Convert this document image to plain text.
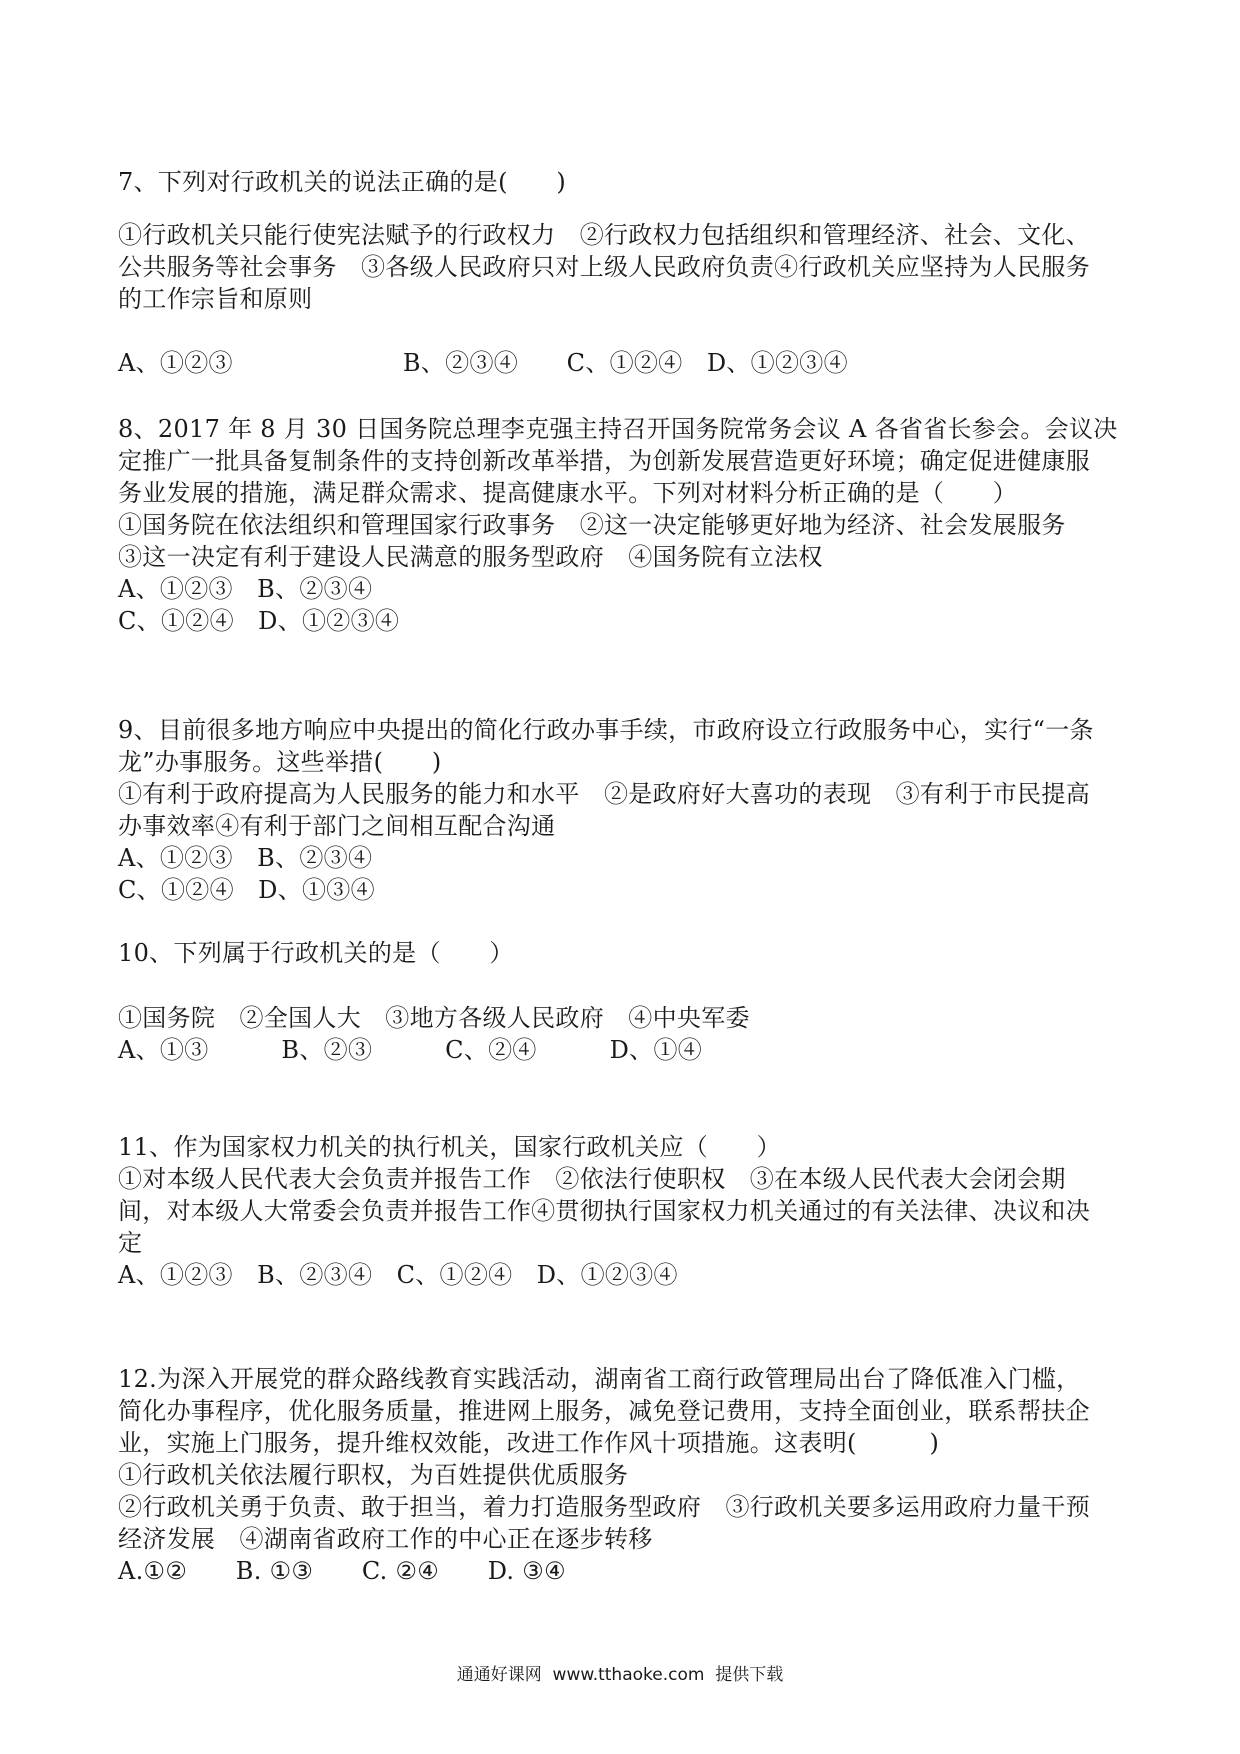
7、下列对行政机关的说法正确的是(　　)
①行政机关只能行使宪法赋予的行政权力　②行政权力包括组织和管理经济、社会、文化、
公共服务等社会事务　③各级人民政府只对上级人民政府负责④行政机关应坚持为人民服务
的工作宗旨和原则
A、①②③　　　　　　　B、②③④　　C、①②④　D、①②③④
8、2017 年 8 月 30 日国务院总理李克强主持召开国务院常务会议 A 各省省长参会。会议决
定推广一批具备复制条件的支持创新改革举措，为创新发展营造更好环境；确定促进健康服
务业发展的措施，满足群众需求、提高健康水平。下列对材料分析正确的是（　　）
①国务院在依法组织和管理国家行政事务　②这一决定能够更好地为经济、社会发展服务
③这一决定有利于建设人民满意的服务型政府　④国务院有立法权
A、①②③　B、②③④
C、①②④　D、①②③④
9、目前很多地方响应中央提出的简化行政办事手续，市政府设立行政服务中心，实行“一条
龙”办事服务。这些举措(　　)
①有利于政府提高为人民服务的能力和水平　②是政府好大喜功的表现　③有利于市民提高
办事效率④有利于部门之间相互配合沟通
A、①②③　B、②③④
C、①②④　D、①③④
10、下列属于行政机关的是（　　）
①国务院　②全国人大　③地方各级人民政府　④中央军委
A、①③　　　B、②③　　　C、②④　　　D、①④
11、作为国家权力机关的执行机关，国家行政机关应（　　）
①对本级人民代表大会负责并报告工作　②依法行使职权　③在本级人民代表大会闭会期
间，对本级人大常委会负责并报告工作④贯彻执行国家权力机关通过的有关法律、决议和决
定
A、①②③　B、②③④　C、①②④　D、①②③④
12.为深入开展党的群众路线教育实践活动，湖南省工商行政管理局出台了降低准入门槛，
简化办事程序，优化服务质量，推进网上服务，减免登记费用，支持全面创业，联系帮扶企
业，实施上门服务，提升维权效能，改进工作作风十项措施。这表明(　　　)
①行政机关依法履行职权，为百姓提供优质服务
②行政机关勇于负责、敢于担当，着力打造服务型政府　③行政机关要多运用政府力量干预
经济发展　④湖南省政府工作的中心正在逐步转移
A.①②　　B. ①③　　C. ②④　　D. ③④
通通好课网  www.tthaoke.com  提供下载
